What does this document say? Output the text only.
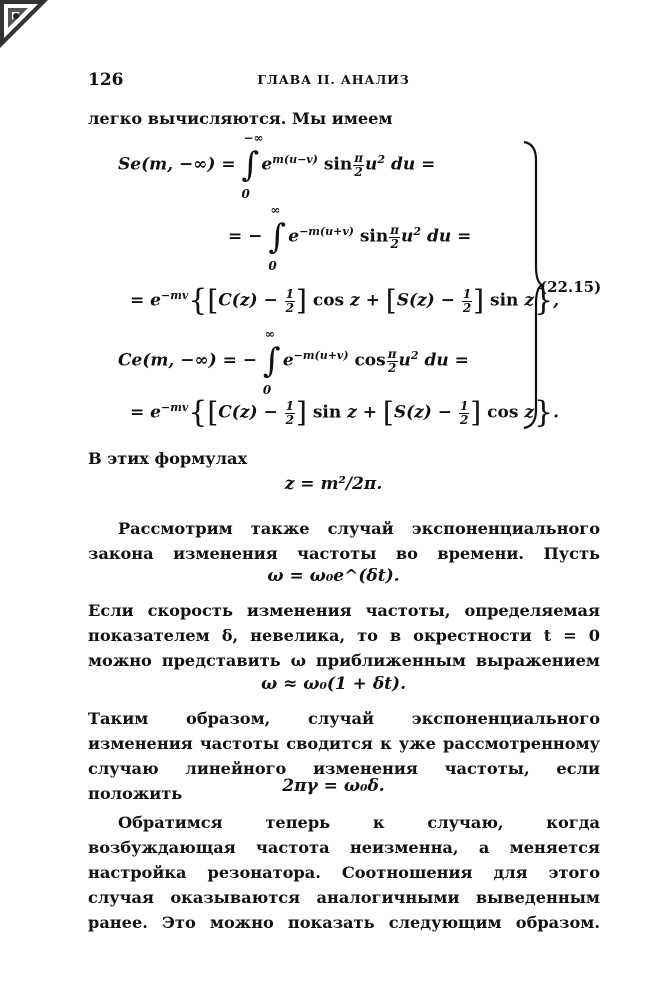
126	ГЛАВА II. АНАЛИЗ

легко вычисляются. Мы имеем

Se(m, −∞) = ∫
−∞
0
$e^{m(u-v)}$ $\sin \frac{\pi}{2} u^2$ du =
= − ∫
∞
0
$e^{-m(u+v)}$ $\sin \frac{\pi}{2} u^2$ du =
= $e^{-mv}\{[C(z) - \frac{1}{2}$ ] $\cos z + [S(z) - \frac{1}{2}$ ] sin z},
Ce(m, −∞) = − ∫
∞
0
$e^{-m(u+v)}$ $\cos \frac{\pi}{2} u^2$ du =
= $e^{-mv}\{[C(z) - \frac{1}{2}$ ] $\sin z + [S(z) - \frac{1}{2}$ ] cos z}.
(22.15)

В этих формулах

z = m²/2π.

Рассмотрим также случай экспоненциального закона изменения частоты во времени. Пусть

ω = ω₀e^(δt).

Если скорость изменения частоты, определяемая показателем δ, невелика, то в окрестности t = 0 можно представить ω приближенным выражением

ω ≈ ω₀(1 + δt).

Таким образом, случай экспоненциального изменения частоты сводится к уже рассмотренному случаю линейного изменения частоты, если положить	2πγ = ω₀δ.

Обратимся теперь к случаю, когда возбуждающая частота неизменна, а меняется настройка резонатора. Соотношения для этого случая оказываются аналогичными выведенным ранее. Это можно показать следующим образом.
